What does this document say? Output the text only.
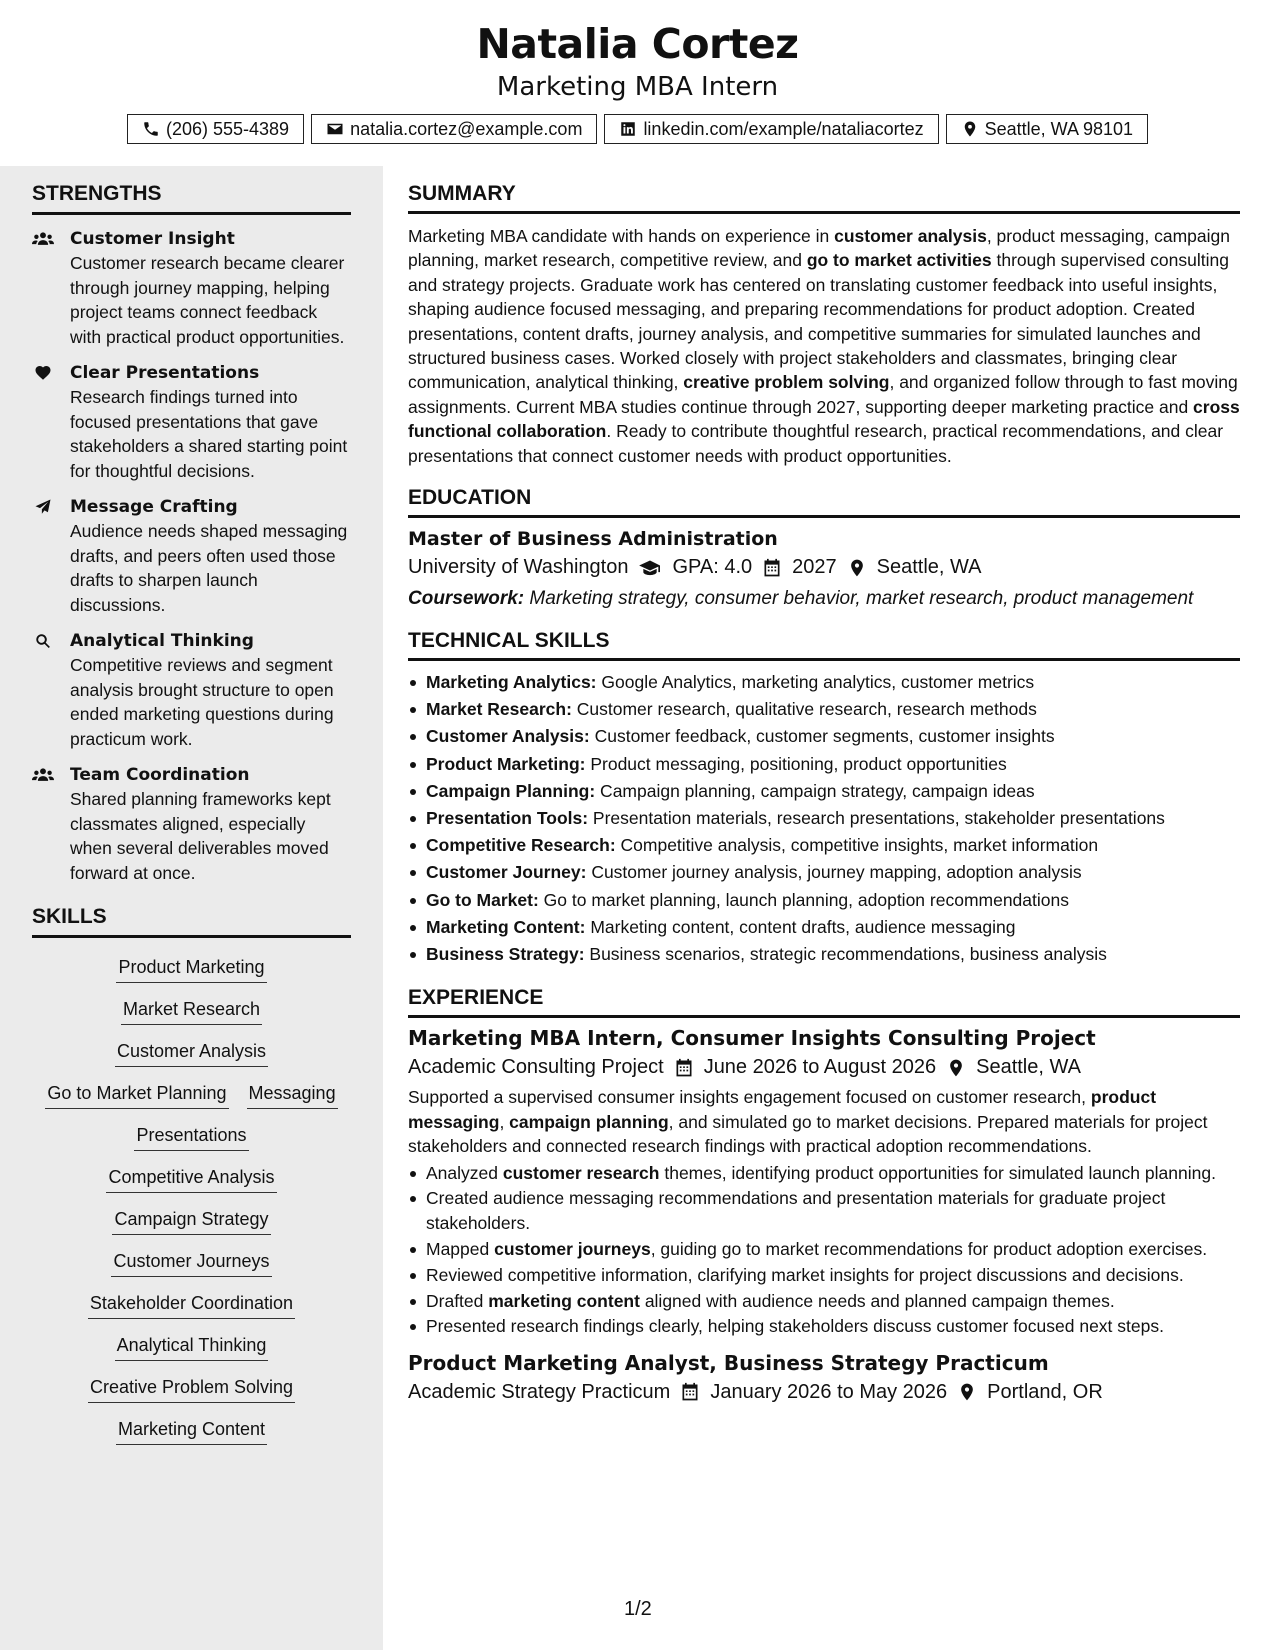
Natalia Cortez
Marketing MBA Intern
(206) 555-4389	natalia.cortez@example.com	linkedin.com/example/nataliacortez	Seattle, WA 98101
STRENGTHS
Customer Insight
Customer research became clearer through journey mapping, helping project teams connect feedback with practical product opportunities.
Clear Presentations
Research findings turned into focused presentations that gave stakeholders a shared starting point for thoughtful decisions.
Message Crafting
Audience needs shaped messaging drafts, and peers often used those drafts to sharpen launch discussions.
Analytical Thinking
Competitive reviews and segment analysis brought structure to open ended marketing questions during practicum work.
Team Coordination
Shared planning frameworks kept classmates aligned, especially when several deliverables moved forward at once.
SKILLS
Product Marketing
Market Research
Customer Analysis
Go to Market Planning Messaging
Presentations
Competitive Analysis
Campaign Strategy
Customer Journeys
Stakeholder Coordination
Analytical Thinking
Creative Problem Solving
Marketing Content
SUMMARY

Marketing MBA candidate with hands on experience in customer analysis, product messaging, campaign planning, market research, competitive review, and go to market activities through supervised consulting and strategy projects. Graduate work has centered on translating customer feedback into useful insights, shaping audience focused messaging, and preparing recommendations for product adoption. Created presentations, content drafts, journey analysis, and competitive summaries for simulated launches and structured business cases. Worked closely with project stakeholders and classmates, bringing clear communication, analytical thinking, creative problem solving, and organized follow through to fast moving assignments. Current MBA studies continue through 2027, supporting deeper marketing practice and cross functional collaboration. Ready to contribute thoughtful research, practical recommendations, and clear presentations that connect customer needs with product opportunities.

EDUCATION
Master of Business Administration
University of Washington GPA: 4.0 2027 Seattle, WA
Coursework: Marketing strategy, consumer behavior, market research, product management
TECHNICAL SKILLS
Marketing Analytics: Google Analytics, marketing analytics, customer metrics
Market Research: Customer research, qualitative research, research methods
Customer Analysis: Customer feedback, customer segments, customer insights
Product Marketing: Product messaging, positioning, product opportunities
Campaign Planning: Campaign planning, campaign strategy, campaign ideas
Presentation Tools: Presentation materials, research presentations, stakeholder presentations
Competitive Research: Competitive analysis, competitive insights, market information
Customer Journey: Customer journey analysis, journey mapping, adoption analysis
Go to Market: Go to market planning, launch planning, adoption recommendations
Marketing Content: Marketing content, content drafts, audience messaging
Business Strategy: Business scenarios, strategic recommendations, business analysis
EXPERIENCE
Marketing MBA Intern, Consumer Insights Consulting Project
Academic Consulting Project June 2026 to August 2026 Seattle, WA

Supported a supervised consumer insights engagement focused on customer research, product messaging, campaign planning, and simulated go to market decisions. Prepared materials for project stakeholders and connected research findings with practical adoption recommendations.

Analyzed customer research themes, identifying product opportunities for simulated launch planning.
Created audience messaging recommendations and presentation materials for graduate project stakeholders.
Mapped customer journeys, guiding go to market recommendations for product adoption exercises.
Reviewed competitive information, clarifying market insights for project discussions and decisions.
Drafted marketing content aligned with audience needs and planned campaign themes.
Presented research findings clearly, helping stakeholders discuss customer focused next steps.
Product Marketing Analyst, Business Strategy Practicum
Academic Strategy Practicum January 2026 to May 2026 Portland, OR
1/2
